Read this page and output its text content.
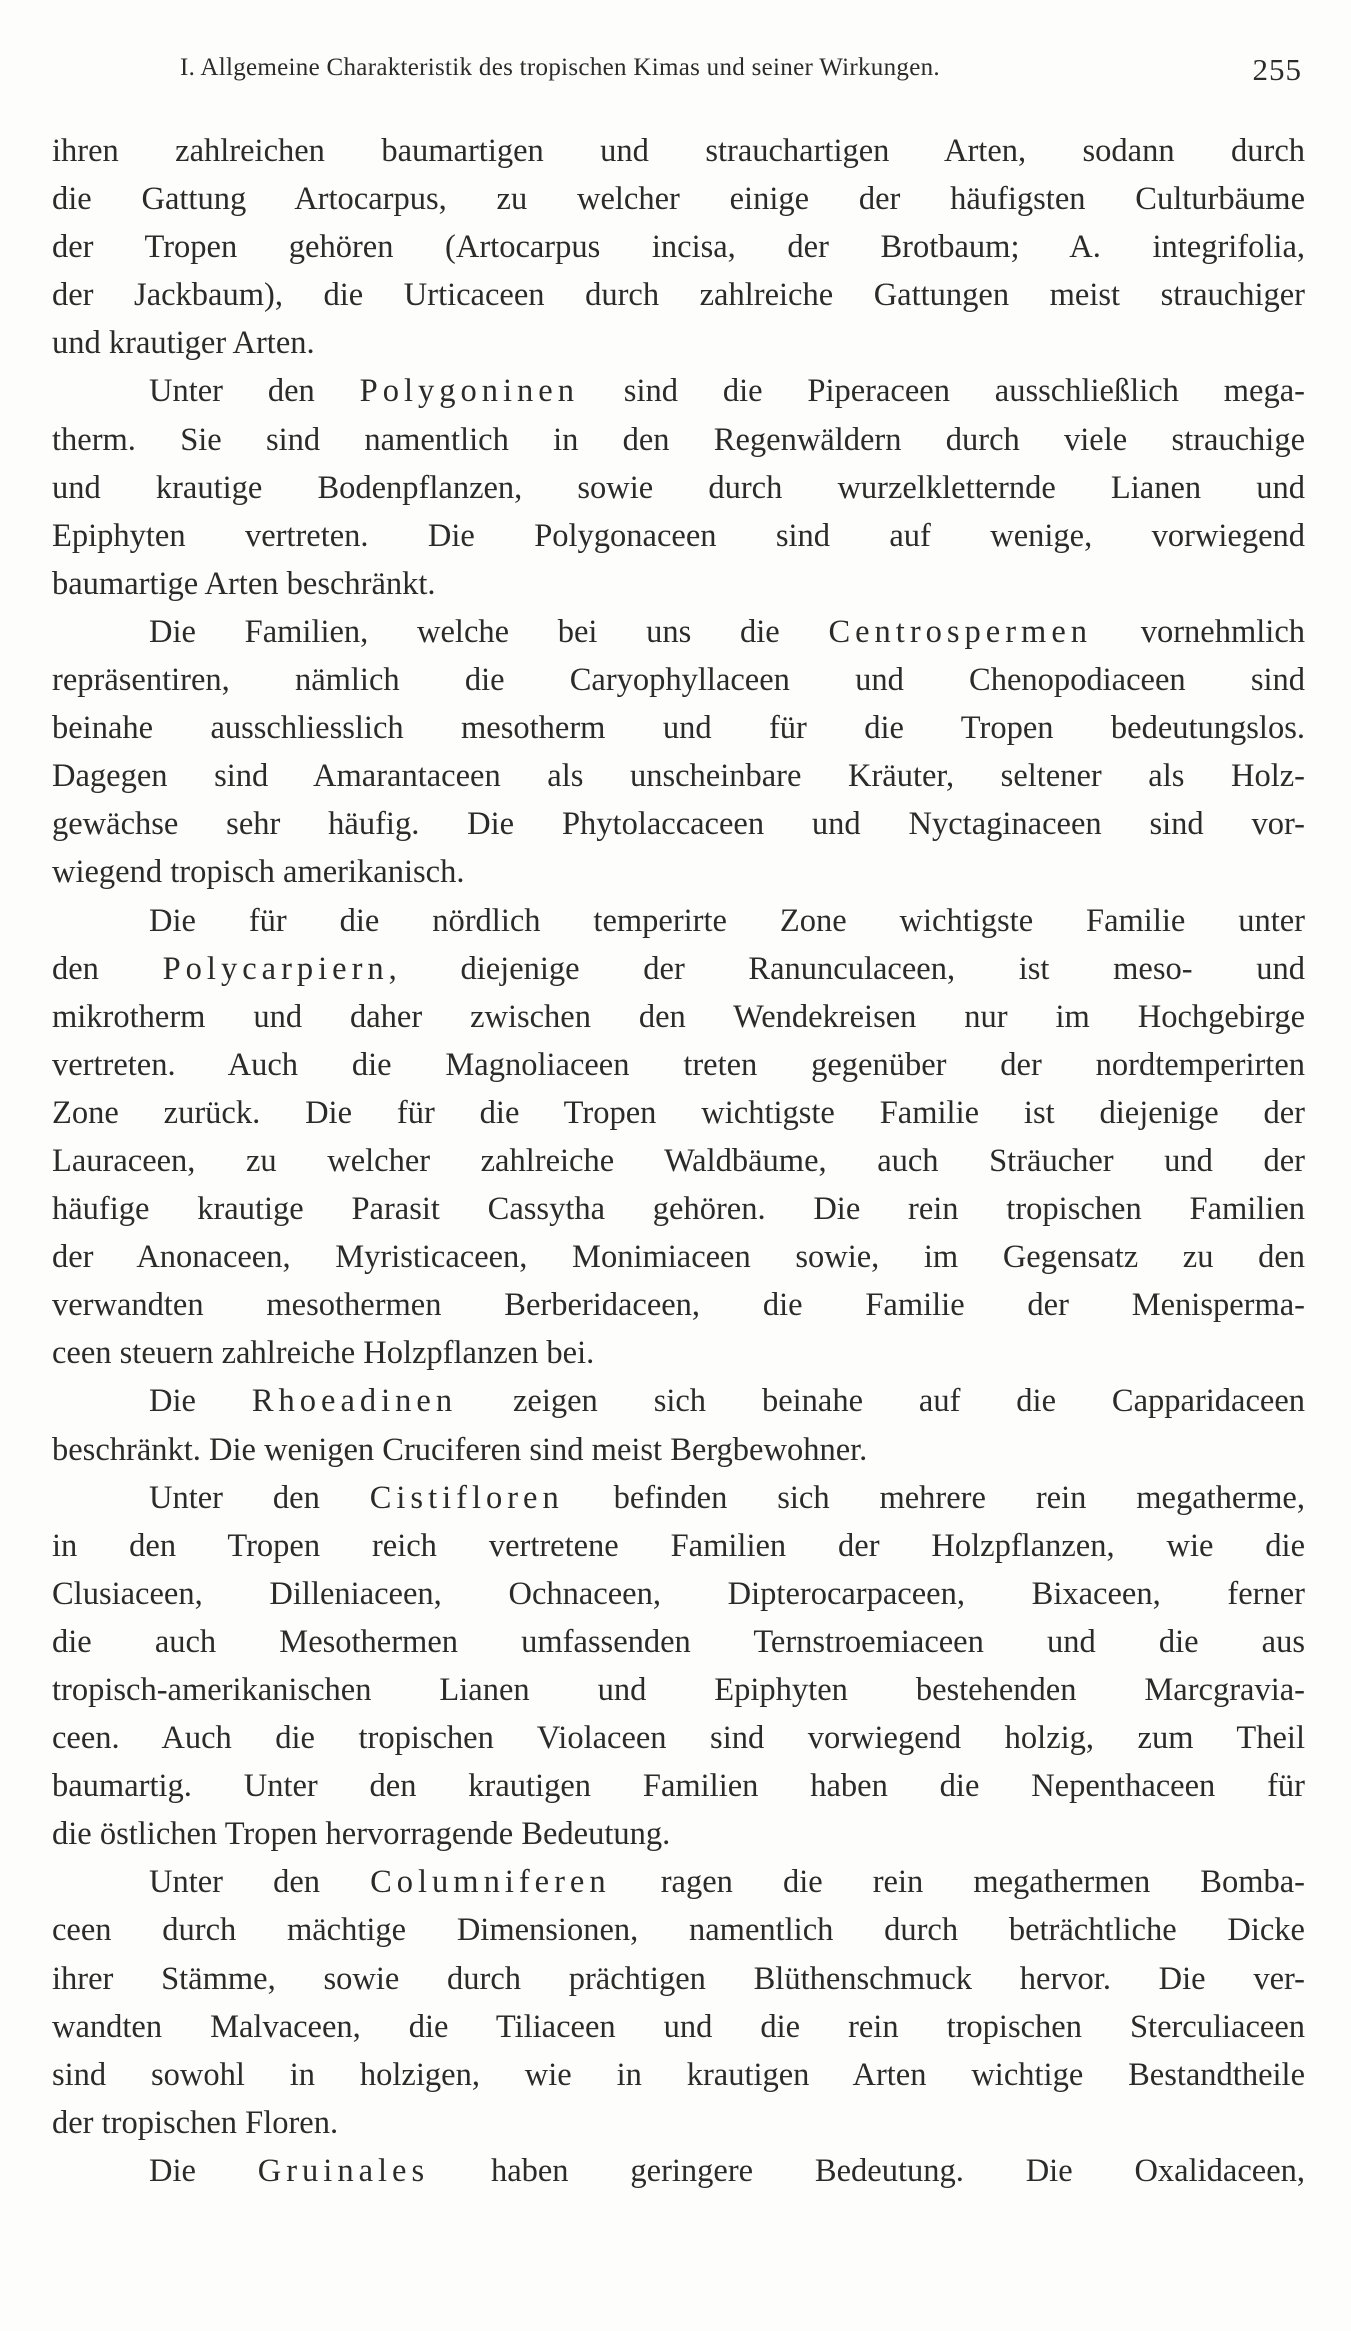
I. Allgemeine Charakteristik des tropischen Kimas und seiner Wirkungen.	255
ihren zahlreichen baumartigen und strauchartigen Arten, sodann durch
die Gattung Artocarpus, zu welcher einige der häufigsten Culturbäume
der Tropen gehören (Artocarpus incisa, der Brotbaum; A. integrifolia,
der Jackbaum), die Urticaceen durch zahlreiche Gattungen meist strauchiger
und krautiger Arten.
Unter den Polygoninen sind die Piperaceen ausschließlich mega-
therm. Sie sind namentlich in den Regenwäldern durch viele strauchige
und krautige Bodenpflanzen, sowie durch wurzelkletternde Lianen und
Epiphyten vertreten. Die Polygonaceen sind auf wenige, vorwiegend
baumartige Arten beschränkt.
Die Familien, welche bei uns die Centrospermen vornehmlich
repräsentiren, nämlich die Caryophyllaceen und Chenopodiaceen sind
beinahe ausschliesslich mesotherm und für die Tropen bedeutungslos.
Dagegen sind Amarantaceen als unscheinbare Kräuter, seltener als Holz-
gewächse sehr häufig. Die Phytolaccaceen und Nyctaginaceen sind vor-
wiegend tropisch amerikanisch.
Die für die nördlich temperirte Zone wichtigste Familie unter
den Polycarpiern, diejenige der Ranunculaceen, ist meso- und
mikrotherm und daher zwischen den Wendekreisen nur im Hochgebirge
vertreten. Auch die Magnoliaceen treten gegenüber der nordtemperirten
Zone zurück. Die für die Tropen wichtigste Familie ist diejenige der
Lauraceen, zu welcher zahlreiche Waldbäume, auch Sträucher und der
häufige krautige Parasit Cassytha gehören. Die rein tropischen Familien
der Anonaceen, Myristicaceen, Monimiaceen sowie, im Gegensatz zu den
verwandten mesothermen Berberidaceen, die Familie der Menisperma-
ceen steuern zahlreiche Holzpflanzen bei.
Die Rhoeadinen zeigen sich beinahe auf die Capparidaceen
beschränkt. Die wenigen Cruciferen sind meist Bergbewohner.
Unter den Cistifloren befinden sich mehrere rein megatherme,
in den Tropen reich vertretene Familien der Holzpflanzen, wie die
Clusiaceen, Dilleniaceen, Ochnaceen, Dipterocarpaceen, Bixaceen, ferner
die auch Mesothermen umfassenden Ternstroemiaceen und die aus
tropisch-amerikanischen Lianen und Epiphyten bestehenden Marcgravia-
ceen. Auch die tropischen Violaceen sind vorwiegend holzig, zum Theil
baumartig. Unter den krautigen Familien haben die Nepenthaceen für
die östlichen Tropen hervorragende Bedeutung.
Unter den Columniferen ragen die rein megathermen Bomba-
ceen durch mächtige Dimensionen, namentlich durch beträchtliche Dicke
ihrer Stämme, sowie durch prächtigen Blüthenschmuck hervor. Die ver-
wandten Malvaceen, die Tiliaceen und die rein tropischen Sterculiaceen
sind sowohl in holzigen, wie in krautigen Arten wichtige Bestandtheile
der tropischen Floren.
Die Gruinales haben geringere Bedeutung. Die Oxalidaceen,
